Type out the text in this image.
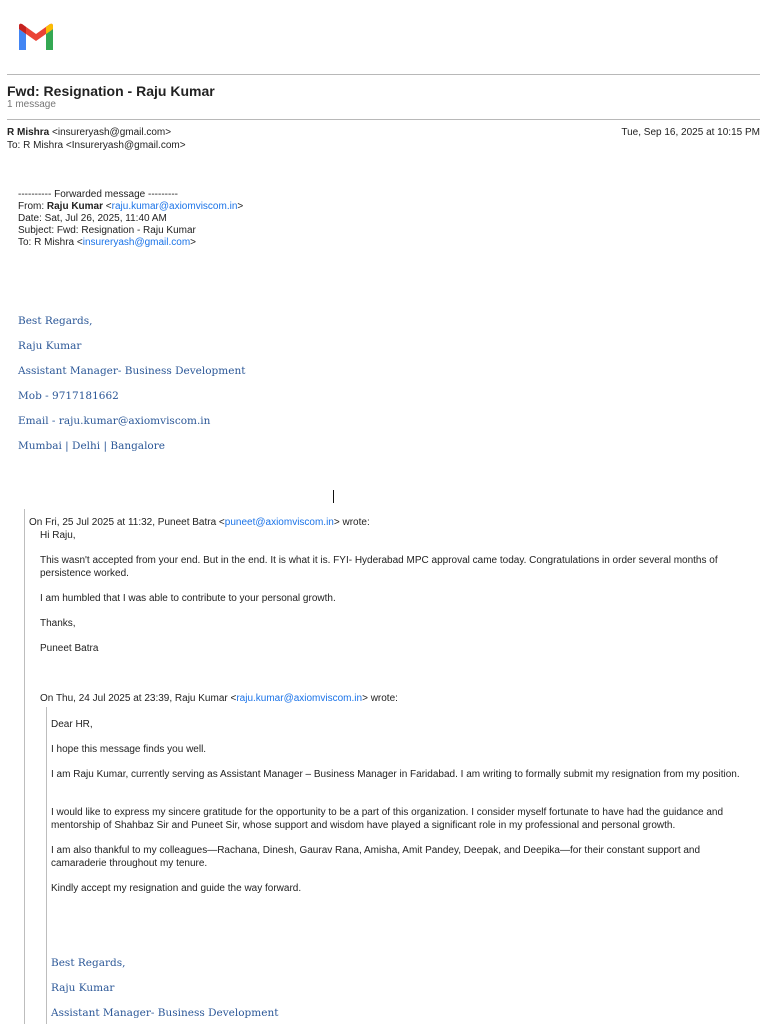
Fwd: Resignation - Raju Kumar
1 message
R Mishra <insureryash@gmail.com>
To: R Mishra <Insureryash@gmail.com>
Tue, Sep 16, 2025 at 10:15 PM
---------- Forwarded message ---------
From: Raju Kumar <raju.kumar@axiomviscom.in>
Date: Sat, Jul 26, 2025, 11:40 AM
Subject: Fwd: Resignation - Raju Kumar
To: R Mishra <insureryash@gmail.com>
Best Regards,
Raju Kumar
Assistant Manager- Business Development
Mob - 9717181662
Email - raju.kumar@axiomviscom.in
Mumbai | Delhi | Bangalore
On Fri, 25 Jul 2025 at 11:32, Puneet Batra <puneet@axiomviscom.in> wrote:
Hi Raju,
This wasn't accepted from your end. But in the end. It is what it is. FYI- Hyderabad MPC approval came today. Congratulations in order several months of persistence worked.
I am humbled that I was able to contribute to your personal growth.
Thanks,
Puneet Batra
On Thu, 24 Jul 2025 at 23:39, Raju Kumar <raju.kumar@axiomviscom.in> wrote:
Dear HR,
I hope this message finds you well.
I am Raju Kumar, currently serving as Assistant Manager – Business Manager in Faridabad. I am writing to formally submit my resignation from my position.
I would like to express my sincere gratitude for the opportunity to be a part of this organization. I consider myself fortunate to have had the guidance and mentorship of Shahbaz Sir and Puneet Sir, whose support and wisdom have played a significant role in my professional and personal growth.
I am also thankful to my colleagues—Rachana, Dinesh, Gaurav Rana, Amisha, Amit Pandey, Deepak, and Deepika—for their constant support and camaraderie throughout my tenure.
Kindly accept my resignation and guide the way forward.
Best Regards,
Raju Kumar
Assistant Manager- Business Development
